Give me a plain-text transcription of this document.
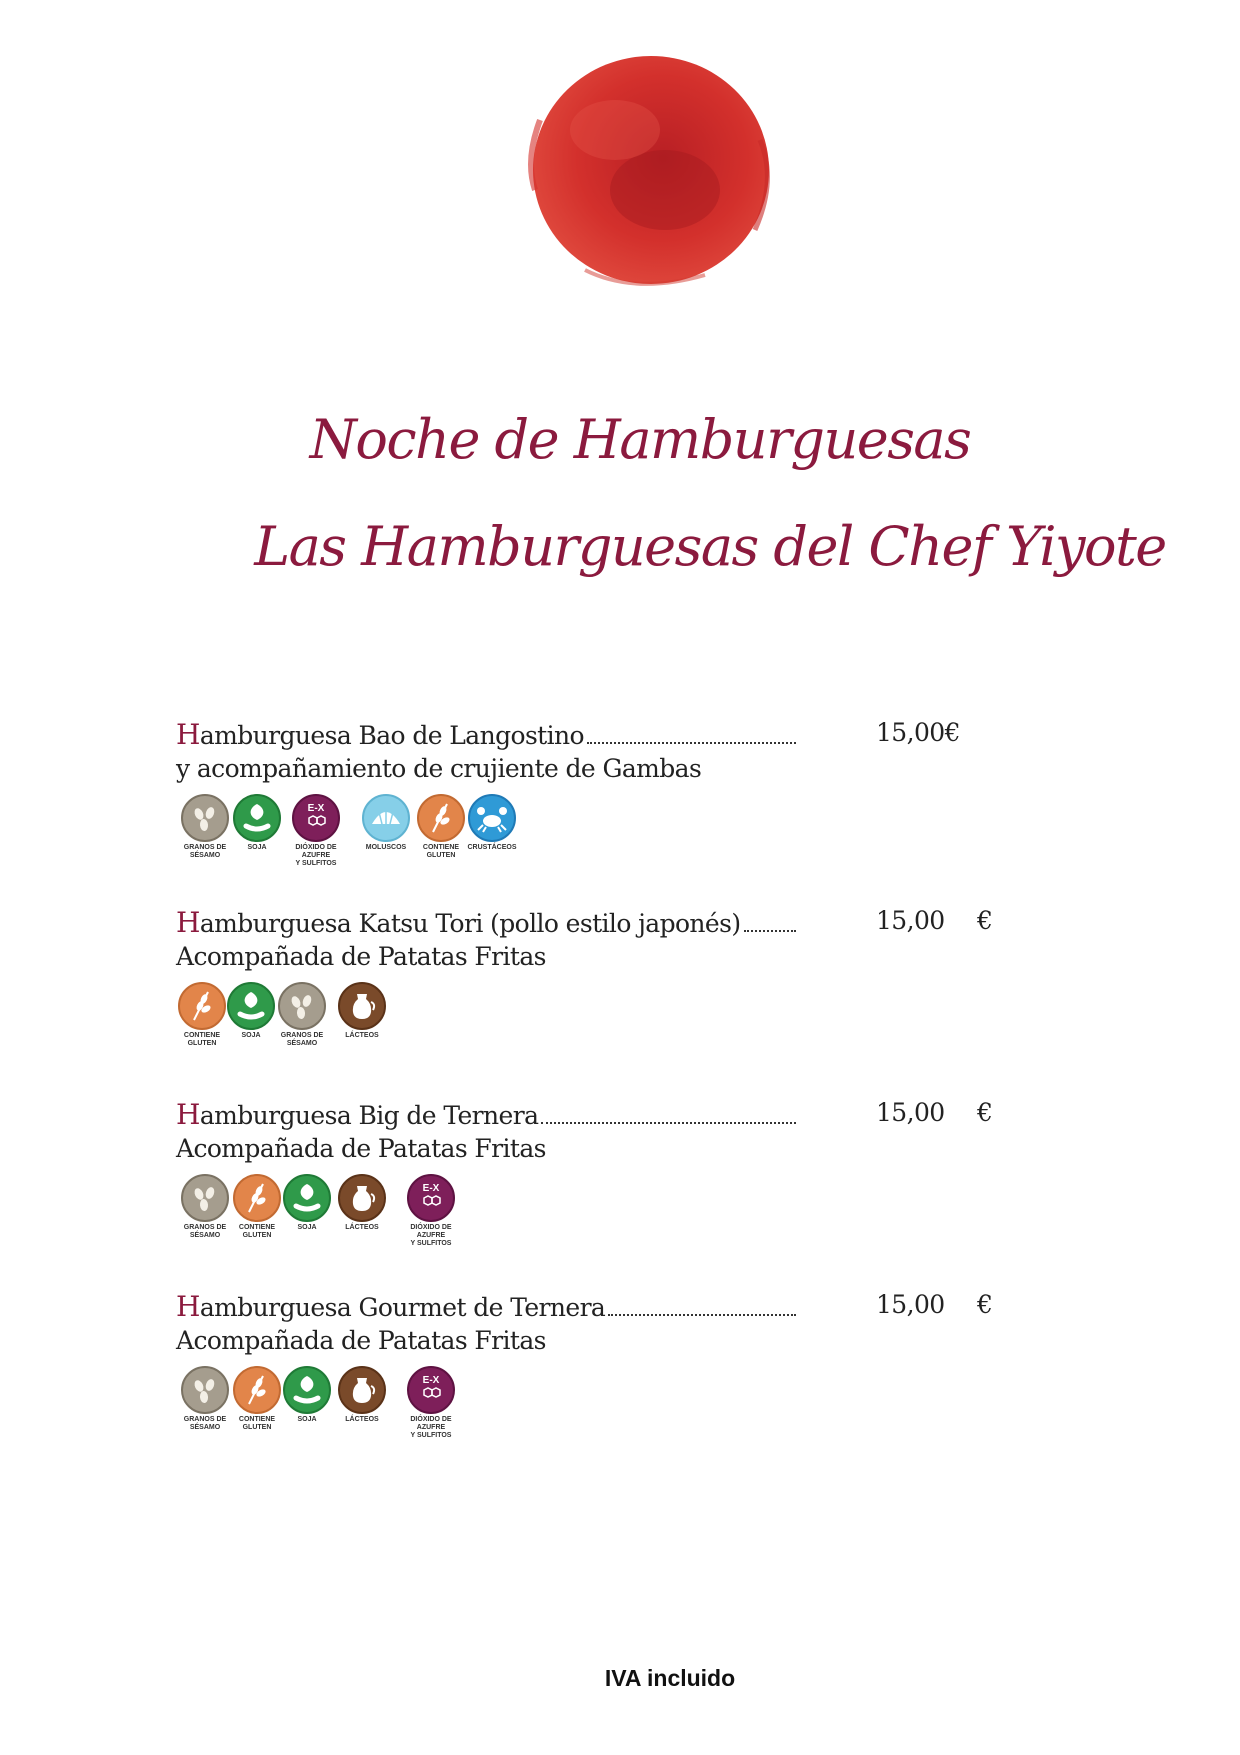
Noche de Hamburguesas
Las Hamburguesas del Chef Yiyote
H amburguesa Bao de Langostino	15,00€
y acompañamiento de crujiente de Gambas
GRANOS DE
SÉSAMO
SOJA
E-X
DIÓXIDO DE AZUFRE
Y SULFITOS
MOLUSCOS	CONTIENE
GLUTEN
CRUSTÁCEOS
H amburguesa Katsu Tori (pollo estilo japonés)	15,00 €
Acompañada de Patatas Fritas
CONTIENE
GLUTEN
SOJA	GRANOS DE
SÉSAMO
LÁCTEOS
H amburguesa Big de Ternera	15,00 €
Acompañada de Patatas Fritas
GRANOS DE
SÉSAMO
CONTIENE
GLUTEN
SOJA	LÁCTEOS
E-X
DIÓXIDO DE AZUFRE
Y SULFITOS
H amburguesa Gourmet de Ternera	15,00 €
Acompañada de Patatas Fritas
GRANOS DE
SÉSAMO
CONTIENE
GLUTEN
SOJA	LÁCTEOS
E-X
DIÓXIDO DE AZUFRE
Y SULFITOS
IVA incluido
